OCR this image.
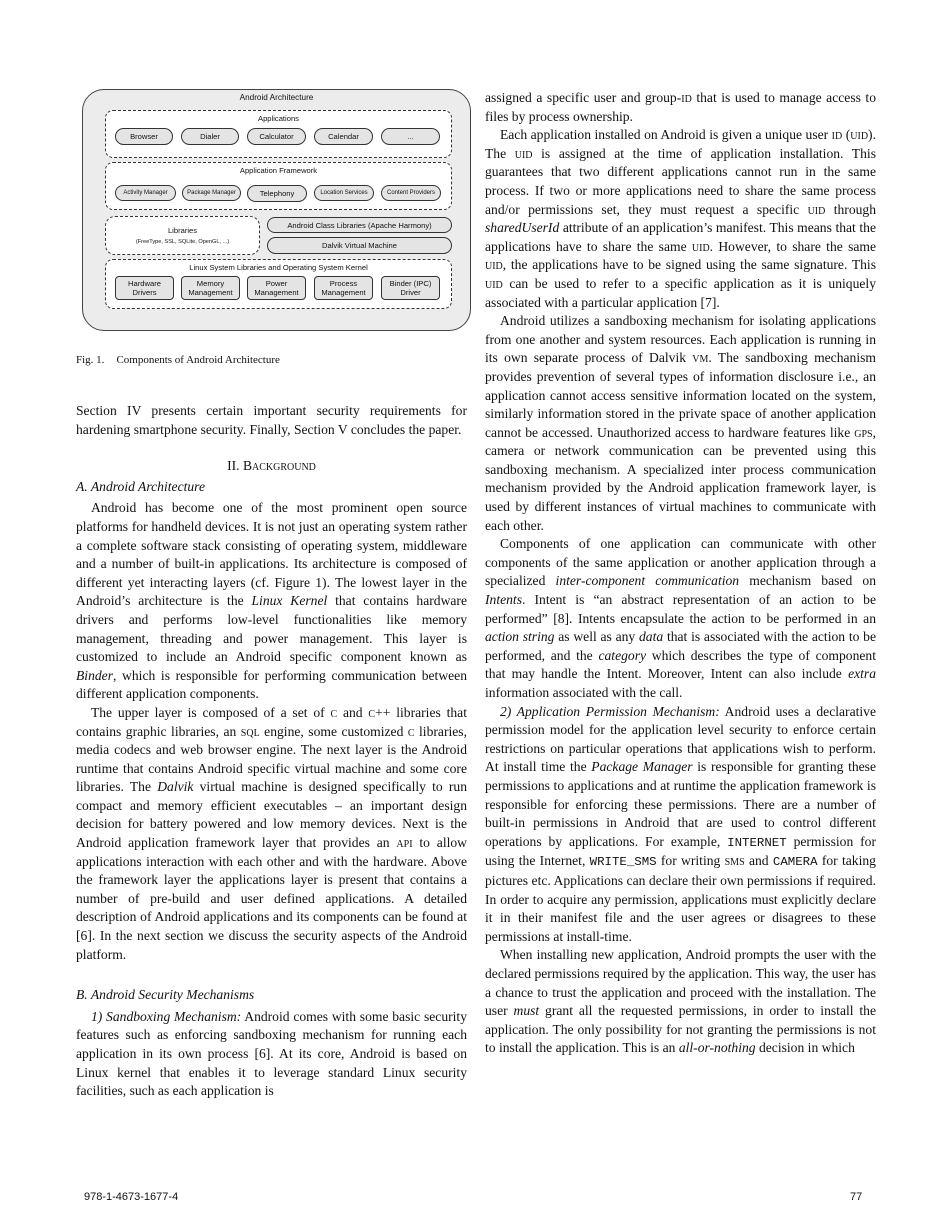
Android Architecture
Applications
Browser	Dialer	Calculator	Calendar	...
Application Framework
Activity Manager	Package Manager	Telephony	Location Services	Content Providers
Libraries
(FreeType, SSL, SQLite, OpenGL, ...)
Android Class Libraries (Apache Harmony)
Dalvik Virtual Machine
Linux System Libraries and Operating System Kernel
Hardware
Drivers
Memory
Management
Power
Management
Process
Management
Binder (IPC)
Driver
Fig. 1. Components of Android Architecture

Section IV presents certain important security requirements for hardening smartphone security. Finally, Section V concludes the paper.

II. Background

A. Android Architecture

Android has become one of the most prominent open source platforms for handheld devices. It is not just an operating system rather a complete software stack consisting of operating system, middleware and a number of built-in applications. Its architecture is composed of different yet interacting layers (cf. Figure 1). The lowest layer in the Android’s architecture is the Linux Kernel that contains hardware drivers and performs low-level functionalities like memory management, threading and power management. This layer is customized to include an Android specific component known as Binder, which is responsible for performing communication between different application components.

The upper layer is composed of a set of c and c++ libraries that contains graphic libraries, an sql engine, some customized c libraries, media codecs and web browser engine. The next layer is the Android runtime that contains Android specific virtual machine and some core libraries. The Dalvik virtual machine is designed specifically to run compact and memory efficient executables – an important design decision for battery powered and low memory devices. Next is the Android application framework layer that provides an api to allow applications interaction with each other and with the hardware. Above the framework layer the applications layer is present that contains a number of pre-build and user defined applications. A detailed description of Android applications and its components can be found at [6]. In the next section we discuss the security aspects of the Android platform.

B. Android Security Mechanisms

1) Sandboxing Mechanism: Android comes with some basic security features such as enforcing sandboxing mechanism for running each application in its own process [6]. At its core, Android is based on Linux kernel that enables it to leverage standard Linux security facilities, such as each application is

assigned a specific user and group-id that is used to manage access to files by process ownership.

Each application installed on Android is given a unique user id (uid). The uid is assigned at the time of application installation. This guarantees that two different applications cannot run in the same process. If two or more applications need to share the same process and/or permissions set, they must request a specific uid through sharedUserId attribute of an application’s manifest. This means that the applications have to share the same uid. However, to share the same uid, the applications have to be signed using the same signature. This uid can be used to refer to a specific application as it is uniquely associated with a particular application [7].

Android utilizes a sandboxing mechanism for isolating applications from one another and system resources. Each application is running in its own separate process of Dalvik vm. The sandboxing mechanism provides prevention of several types of information disclosure i.e., an application cannot access sensitive information located on the system, similarly information stored in the private space of another application cannot be accessed. Unauthorized access to hardware features like gps, camera or network communication can be prevented using this sandboxing mechanism. A specialized inter process communication mechanism provided by the Android application framework layer, is used by different instances of virtual machines to communicate with each other.

Components of one application can communicate with other components of the same application or another application through a specialized inter-component communication mechanism based on Intents. Intent is “an abstract representation of an action to be performed” [8]. Intents encapsulate the action to be performed in an action string as well as any data that is associated with the action to be performed, and the category which describes the type of component that may handle the Intent. Moreover, Intent can also include extra information associated with the call.

2) Application Permission Mechanism: Android uses a declarative permission model for the application level security to enforce certain restrictions on particular operations that applications wish to perform. At install time the Package Manager is responsible for granting these permissions to applications and at runtime the application framework is responsible for enforcing these permissions. There are a number of built-in permissions in Android that are used to control different operations by applications. For example, INTERNET permission for using the Internet, WRITE_SMS for writing sms and CAMERA for taking pictures etc. Applications can declare their own permissions if required. In order to acquire any permission, applications must explicitly declare it in their manifest file and the user agrees or disagrees to these permissions at install-time.

When installing new application, Android prompts the user with the declared permissions required by the application. This way, the user has a chance to trust the application and proceed with the installation. The user must grant all the requested permissions, in order to install the application. The only possibility for not granting the permissions is not to install the application. This is an all-or-nothing decision in which

978-1-4673-1677-4	77
